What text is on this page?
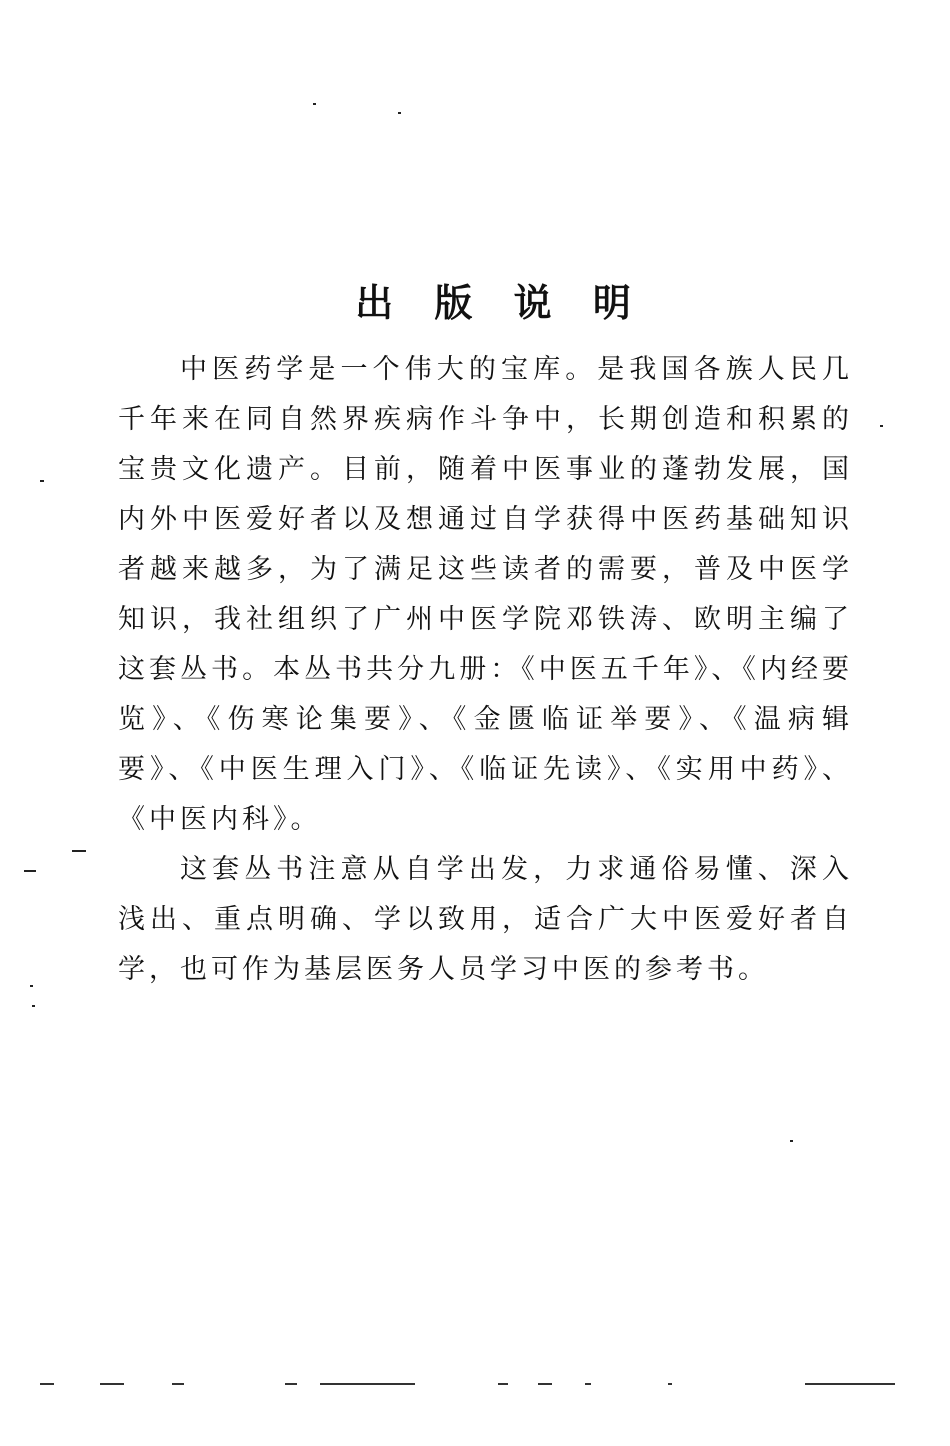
出 版 说 明

中医药学是一个伟大的宝库。是我国各族人民几千年来在同自然界疾病作斗争中，长期创造和积累的宝贵文化遗产。目前，随着中医事业的蓬勃发展，国内外中医爱好者以及想通过自学获得中医药基础知识者越来越多，为了满足这些读者的需要，普及中医学知识，我社组织了广州中医学院邓铁涛、欧明主编了这套丛书。本丛书共分九册：《中医五千年》、《内经要览》、《伤寒论集要》、《金匮临证举要》、《温病辑要》、《中医生理入门》、《临证先读》、《实用中药》、《中医内科》。

这套丛书注意从自学出发，力求通俗易懂、深入浅出、重点明确、学以致用，适合广大中医爱好者自学，也可作为基层医务人员学习中医的参考书。
